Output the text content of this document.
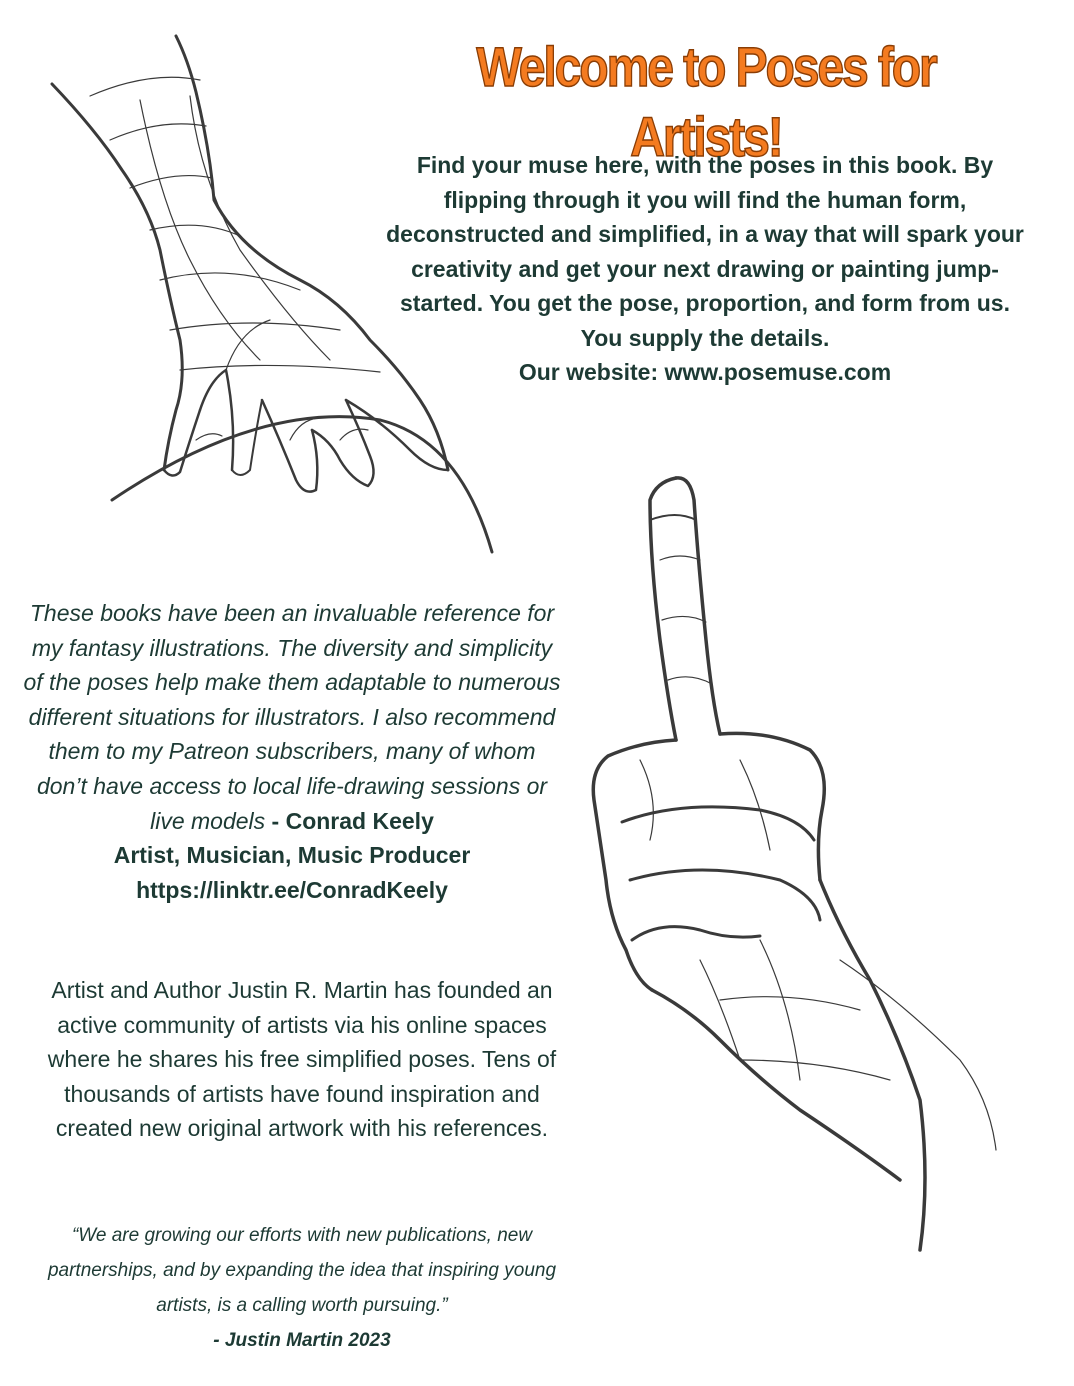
Welcome to Poses for Artists!

Find your muse here, with the poses in this book. By flipping through it you will find the human form, deconstructed and simplified, in a way that will spark your creativity and get your next drawing or painting jump-started. You get the pose, proportion, and form from us. You supply the details.
Our website: www.posemuse.com

These books have been an invaluable reference for my fantasy illustrations. The diversity and simplicity of the poses help make them adaptable to numerous different situations for illustrators. I also recommend them to my Patreon subscribers, many of whom don’t have access to local life-drawing sessions or live models - Conrad Keely
Artist, Musician, Music Producer
https://linktr.ee/ConradKeely

Artist and Author Justin R. Martin has founded an active community of artists via his online spaces where he shares his free simplified poses. Tens of thousands of artists have found inspiration and created new original artwork with his references.

“We are growing our efforts with new publications, new partnerships, and by expanding the idea that inspiring young artists, is a calling worth pursuing.”
- Justin Martin 2023
